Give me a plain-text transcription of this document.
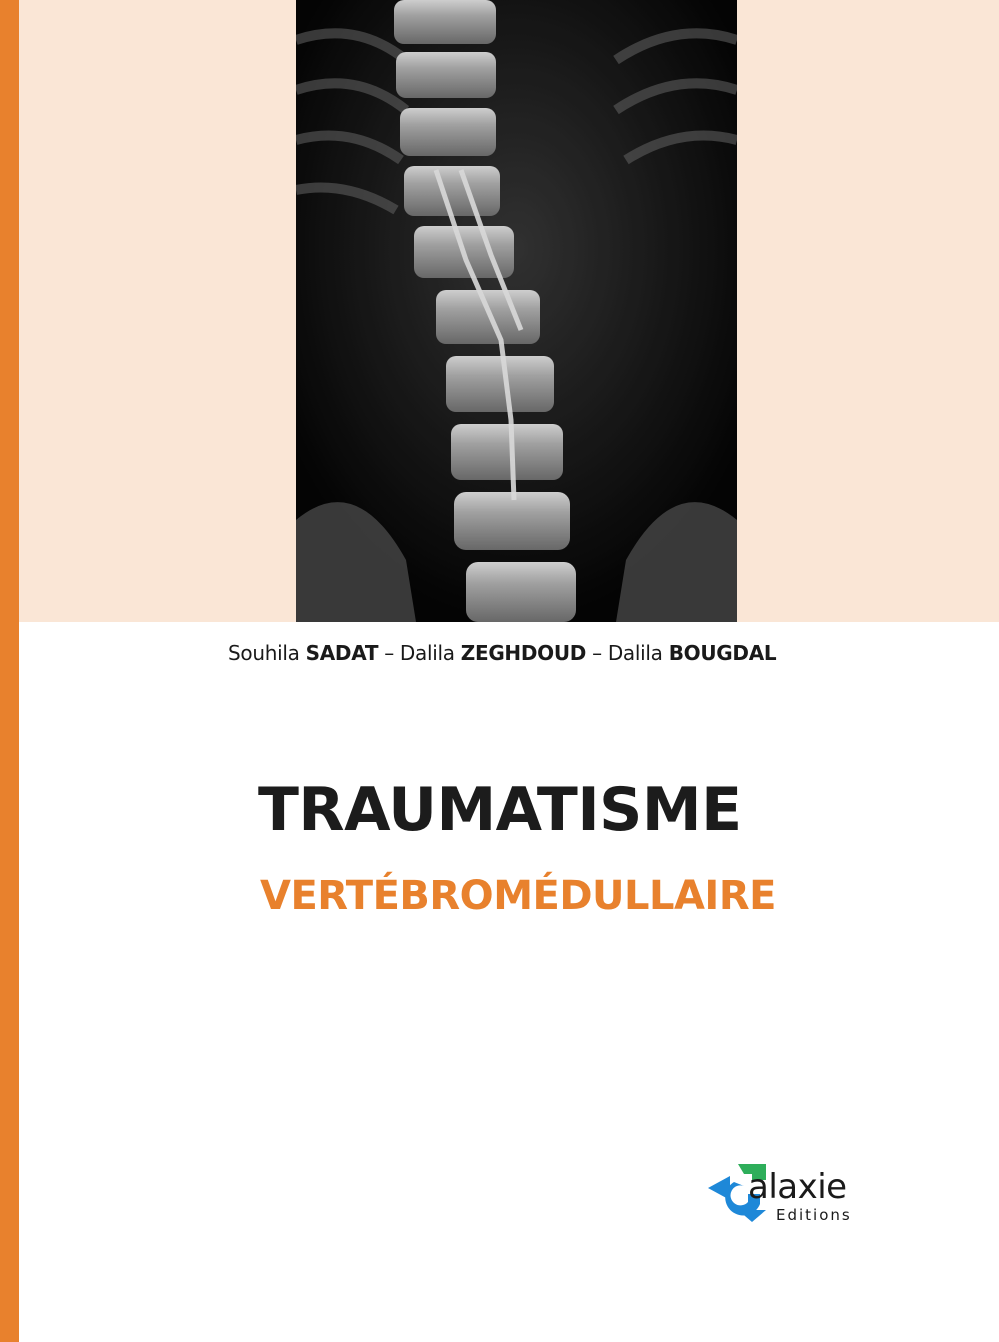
Souhila SADAT – Dalila ZEGHDOUD – Dalila BOUGDAL
TRAUMATISME
VERTÉBROMÉDULLAIRE
alaxie
Editions
